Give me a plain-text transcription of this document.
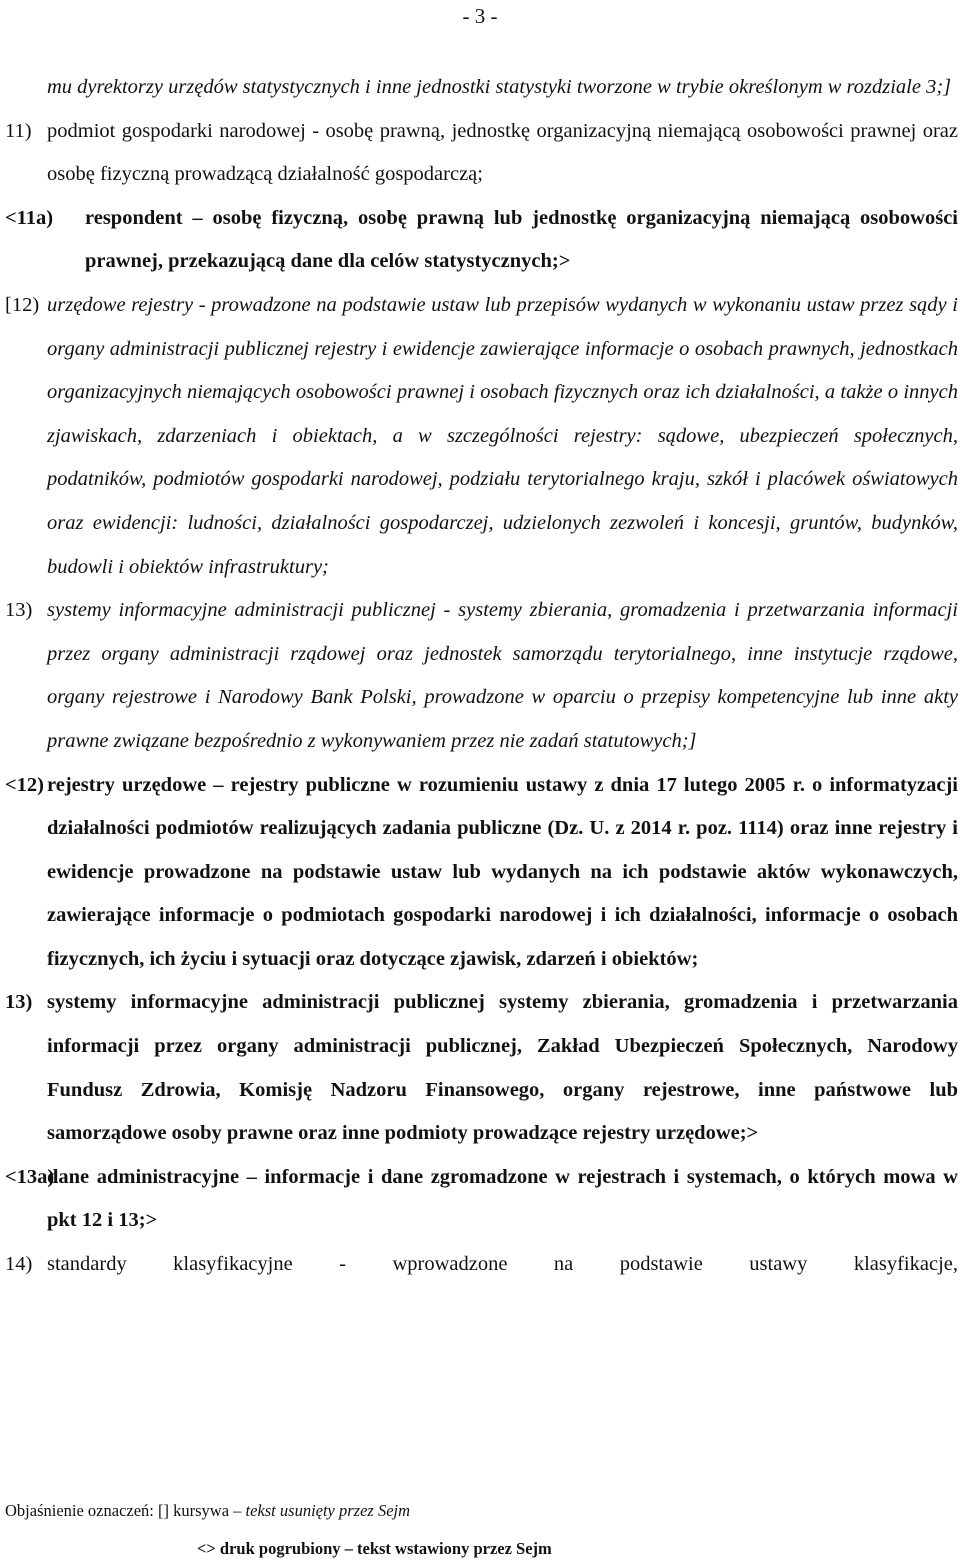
- 3 -
mu dyrektorzy urzędów statystycznych i inne jednostki statystyki tworzone w trybie określonym w rozdziale 3;]
11) podmiot gospodarki narodowej - osobę prawną, jednostkę organizacyjną niemającą osobowości prawnej oraz osobę fizyczną prowadzącą działalność gospodarczą;
<11a) respondent – osobę fizyczną, osobę prawną lub jednostkę organizacyjną niemającą osobowości prawnej, przekazującą dane dla celów statystycznych;>
[12) urzędowe rejestry - prowadzone na podstawie ustaw lub przepisów wydanych w wykonaniu ustaw przez sądy i organy administracji publicznej rejestry i ewidencje zawierające informacje o osobach prawnych, jednostkach organizacyjnych niemających osobowości prawnej i osobach fizycznych oraz ich działalności, a także o innych zjawiskach, zdarzeniach i obiektach, a w szczególności rejestry: sądowe, ubezpieczeń społecznych, podatników, podmiotów gospodarki narodowej, podziału terytorialnego kraju, szkół i placówek oświatowych oraz ewidencji: ludności, działalności gospodarczej, udzielonych zezwoleń i koncesji, gruntów, budynków, budowli i obiektów infrastruktury;
13) systemy informacyjne administracji publicznej - systemy zbierania, gromadzenia i przetwarzania informacji przez organy administracji rządowej oraz jednostek samorządu terytorialnego, inne instytucje rządowe, organy rejestrowe i Narodowy Bank Polski, prowadzone w oparciu o przepisy kompetencyjne lub inne akty prawne związane bezpośrednio z wykonywaniem przez nie zadań statutowych;]
<12) rejestry urzędowe – rejestry publiczne w rozumieniu ustawy z dnia 17 lutego 2005 r. o informatyzacji działalności podmiotów realizujących zadania publiczne (Dz. U. z 2014 r. poz. 1114) oraz inne rejestry i ewidencje prowadzone na podstawie ustaw lub wydanych na ich podstawie aktów wykonawczych, zawierające informacje o podmiotach gospodarki narodowej i ich działalności, informacje o osobach fizycznych, ich życiu i sytuacji oraz dotyczące zjawisk, zdarzeń i obiektów;
13) systemy informacyjne administracji publicznej systemy zbierania, gromadzenia i przetwarzania informacji przez organy administracji publicznej, Zakład Ubezpieczeń Społecznych, Narodowy Fundusz Zdrowia, Komisję Nadzoru Finansowego, organy rejestrowe, inne państwowe lub samorządowe osoby prawne oraz inne podmioty prowadzące rejestry urzędowe;>
<13a)
dane administracyjne – informacje i dane zgromadzone w rejestrach i systemach, o których mowa w pkt 12 i 13;>
14) standardy klasyfikacyjne - wprowadzone na podstawie ustawy klasyfikacje,
Objaśnienie oznaczeń: [] kursywa – tekst usunięty przez Sejm
<> druk pogrubiony – tekst wstawiony przez Sejm
